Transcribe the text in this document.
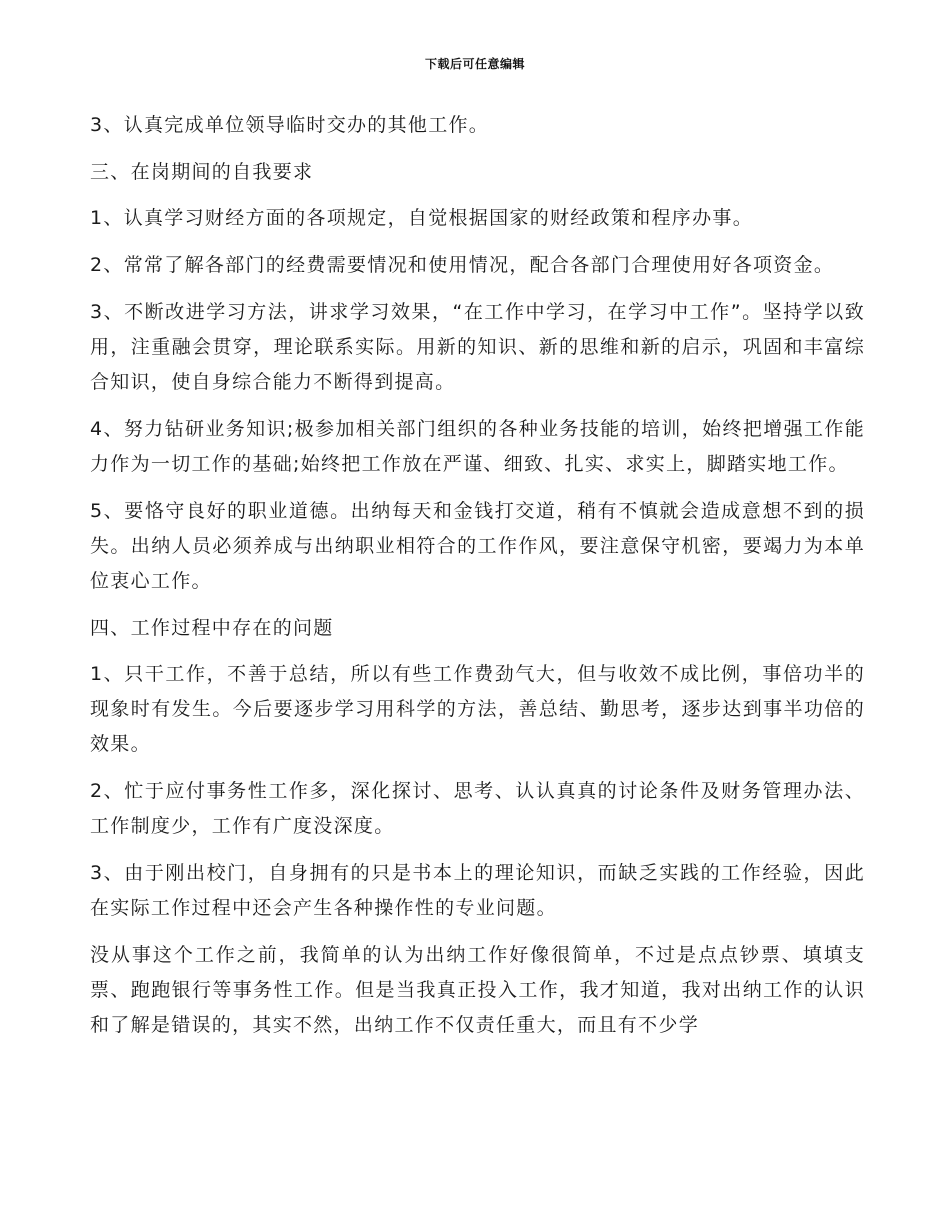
下载后可任意编辑

3、认真完成单位领导临时交办的其他工作。

三、在岗期间的自我要求

1、认真学习财经方面的各项规定，自觉根据国家的财经政策和程序办事。

2、常常了解各部门的经费需要情况和使用情况，配合各部门合理使用好各项资金。

3、不断改进学习方法，讲求学习效果，“在工作中学习，在学习中工作”。坚持学以致用，注重融会贯穿，理论联系实际。用新的知识、新的思维和新的启示，巩固和丰富综合知识，使自身综合能力不断得到提高。

4、努力钻研业务知识;极参加相关部门组织的各种业务技能的培训，始终把增强工作能力作为一切工作的基础;始终把工作放在严谨、细致、扎实、求实上，脚踏实地工作。

5、要恪守良好的职业道德。出纳每天和金钱打交道，稍有不慎就会造成意想不到的损失。出纳人员必须养成与出纳职业相符合的工作作风，要注意保守机密，要竭力为本单位衷心工作。

四、工作过程中存在的问题

1、只干工作，不善于总结，所以有些工作费劲气大，但与收效不成比例，事倍功半的现象时有发生。今后要逐步学习用科学的方法，善总结、勤思考，逐步达到事半功倍的效果。

2、忙于应付事务性工作多，深化探讨、思考、认认真真的讨论条件及财务管理办法、工作制度少，工作有广度没深度。

3、由于刚出校门，自身拥有的只是书本上的理论知识，而缺乏实践的工作经验，因此在实际工作过程中还会产生各种操作性的专业问题。

没从事这个工作之前，我简单的认为出纳工作好像很简单，不过是点点钞票、填填支票、跑跑银行等事务性工作。但是当我真正投入工作，我才知道，我对出纳工作的认识和了解是错误的，其实不然，出纳工作不仅责任重大，而且有不少学
